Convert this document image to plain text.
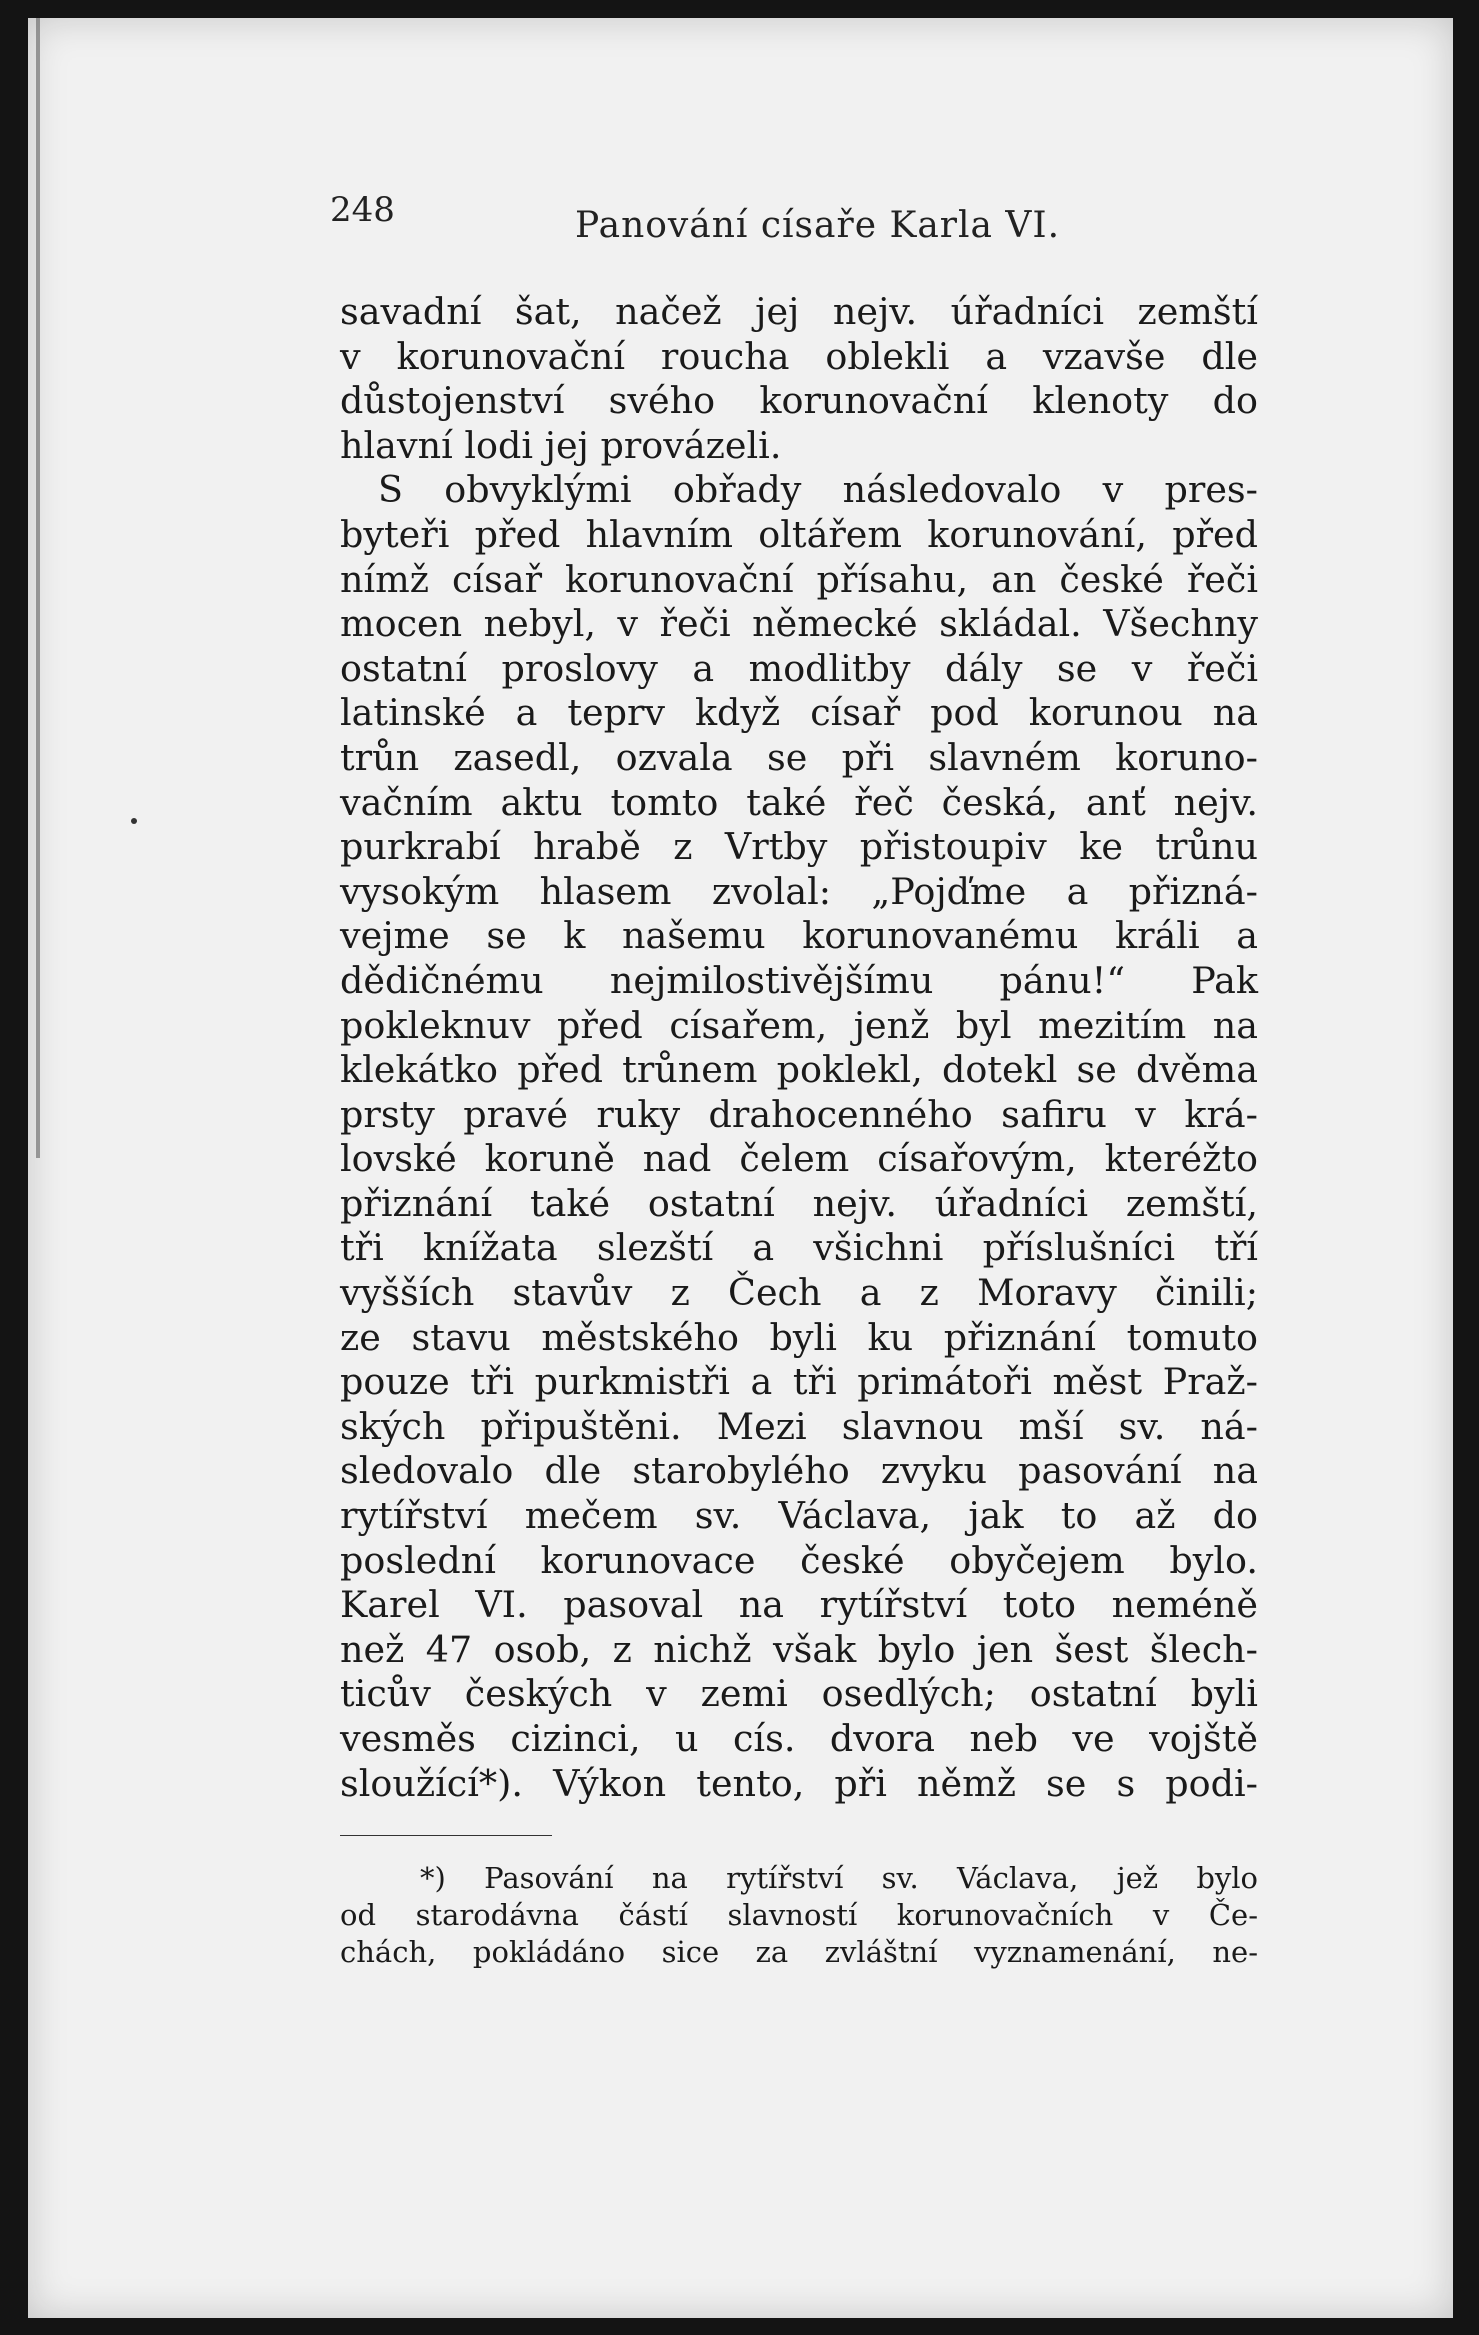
248	Panování císaře Karla VI.

savadní šat, načež jej nejv. úřadníci zemští
v korunovační roucha oblekli a vzavše dle
důstojenství svého korunovační klenoty do
hlavní lodi jej provázeli.
S obvyklými obřady následovalo v pres-
byteři před hlavním oltářem korunování, před
nímž císař korunovační přísahu, an české řeči
mocen nebyl, v řeči německé skládal. Všechny
ostatní proslovy a modlitby dály se v řeči
latinské a teprv když císař pod korunou na
trůn zasedl, ozvala se při slavném koruno-
vačním aktu tomto také řeč česká, anť nejv.
purkrabí hrabě z Vrtby přistoupiv ke trůnu
vysokým hlasem zvolal: „Pojďme a přizná-
vejme se k našemu korunovanému králi a
dědičnému nejmilostivějšímu pánu!“ Pak
pokleknuv před císařem, jenž byl mezitím na
klekátko před trůnem poklekl, dotekl se dvěma
prsty pravé ruky drahocenného safiru v krá-
lovské koruně nad čelem císařovým, kteréžto
přiznání také ostatní nejv. úřadníci zemští,
tři knížata slezští a všichni příslušníci tří
vyšších stavův z Čech a z Moravy činili;
ze stavu městského byli ku přiznání tomuto
pouze tři purkmistři a tři primátoři měst Praž-
ských připuštěni. Mezi slavnou mší sv. ná-
sledovalo dle starobylého zvyku pasování na
rytířství mečem sv. Václava, jak to až do
poslední korunovace české obyčejem bylo.
Karel VI. pasoval na rytířství toto neméně
než 47 osob, z nichž však bylo jen šest šlech-
ticův českých v zemi osedlých; ostatní byli
vesměs cizinci, u cís. dvora neb ve vojště
sloužící*). Výkon tento, při němž se s podi-
*) Pasování na rytířství sv. Václava, jež bylo
od starodávna částí slavností korunovačních v Če-
chách, pokládáno sice za zvláštní vyznamenání, ne-
